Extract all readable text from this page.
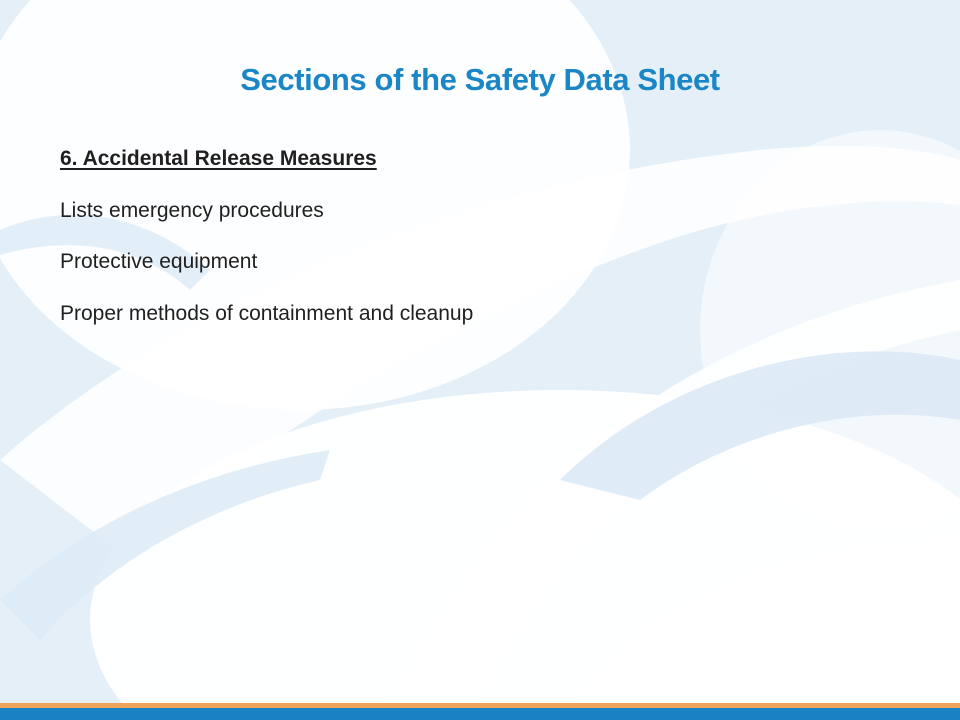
Sections of the Safety Data Sheet

6. Accidental Release Measures

Lists emergency procedures

Protective equipment

Proper methods of containment and cleanup
